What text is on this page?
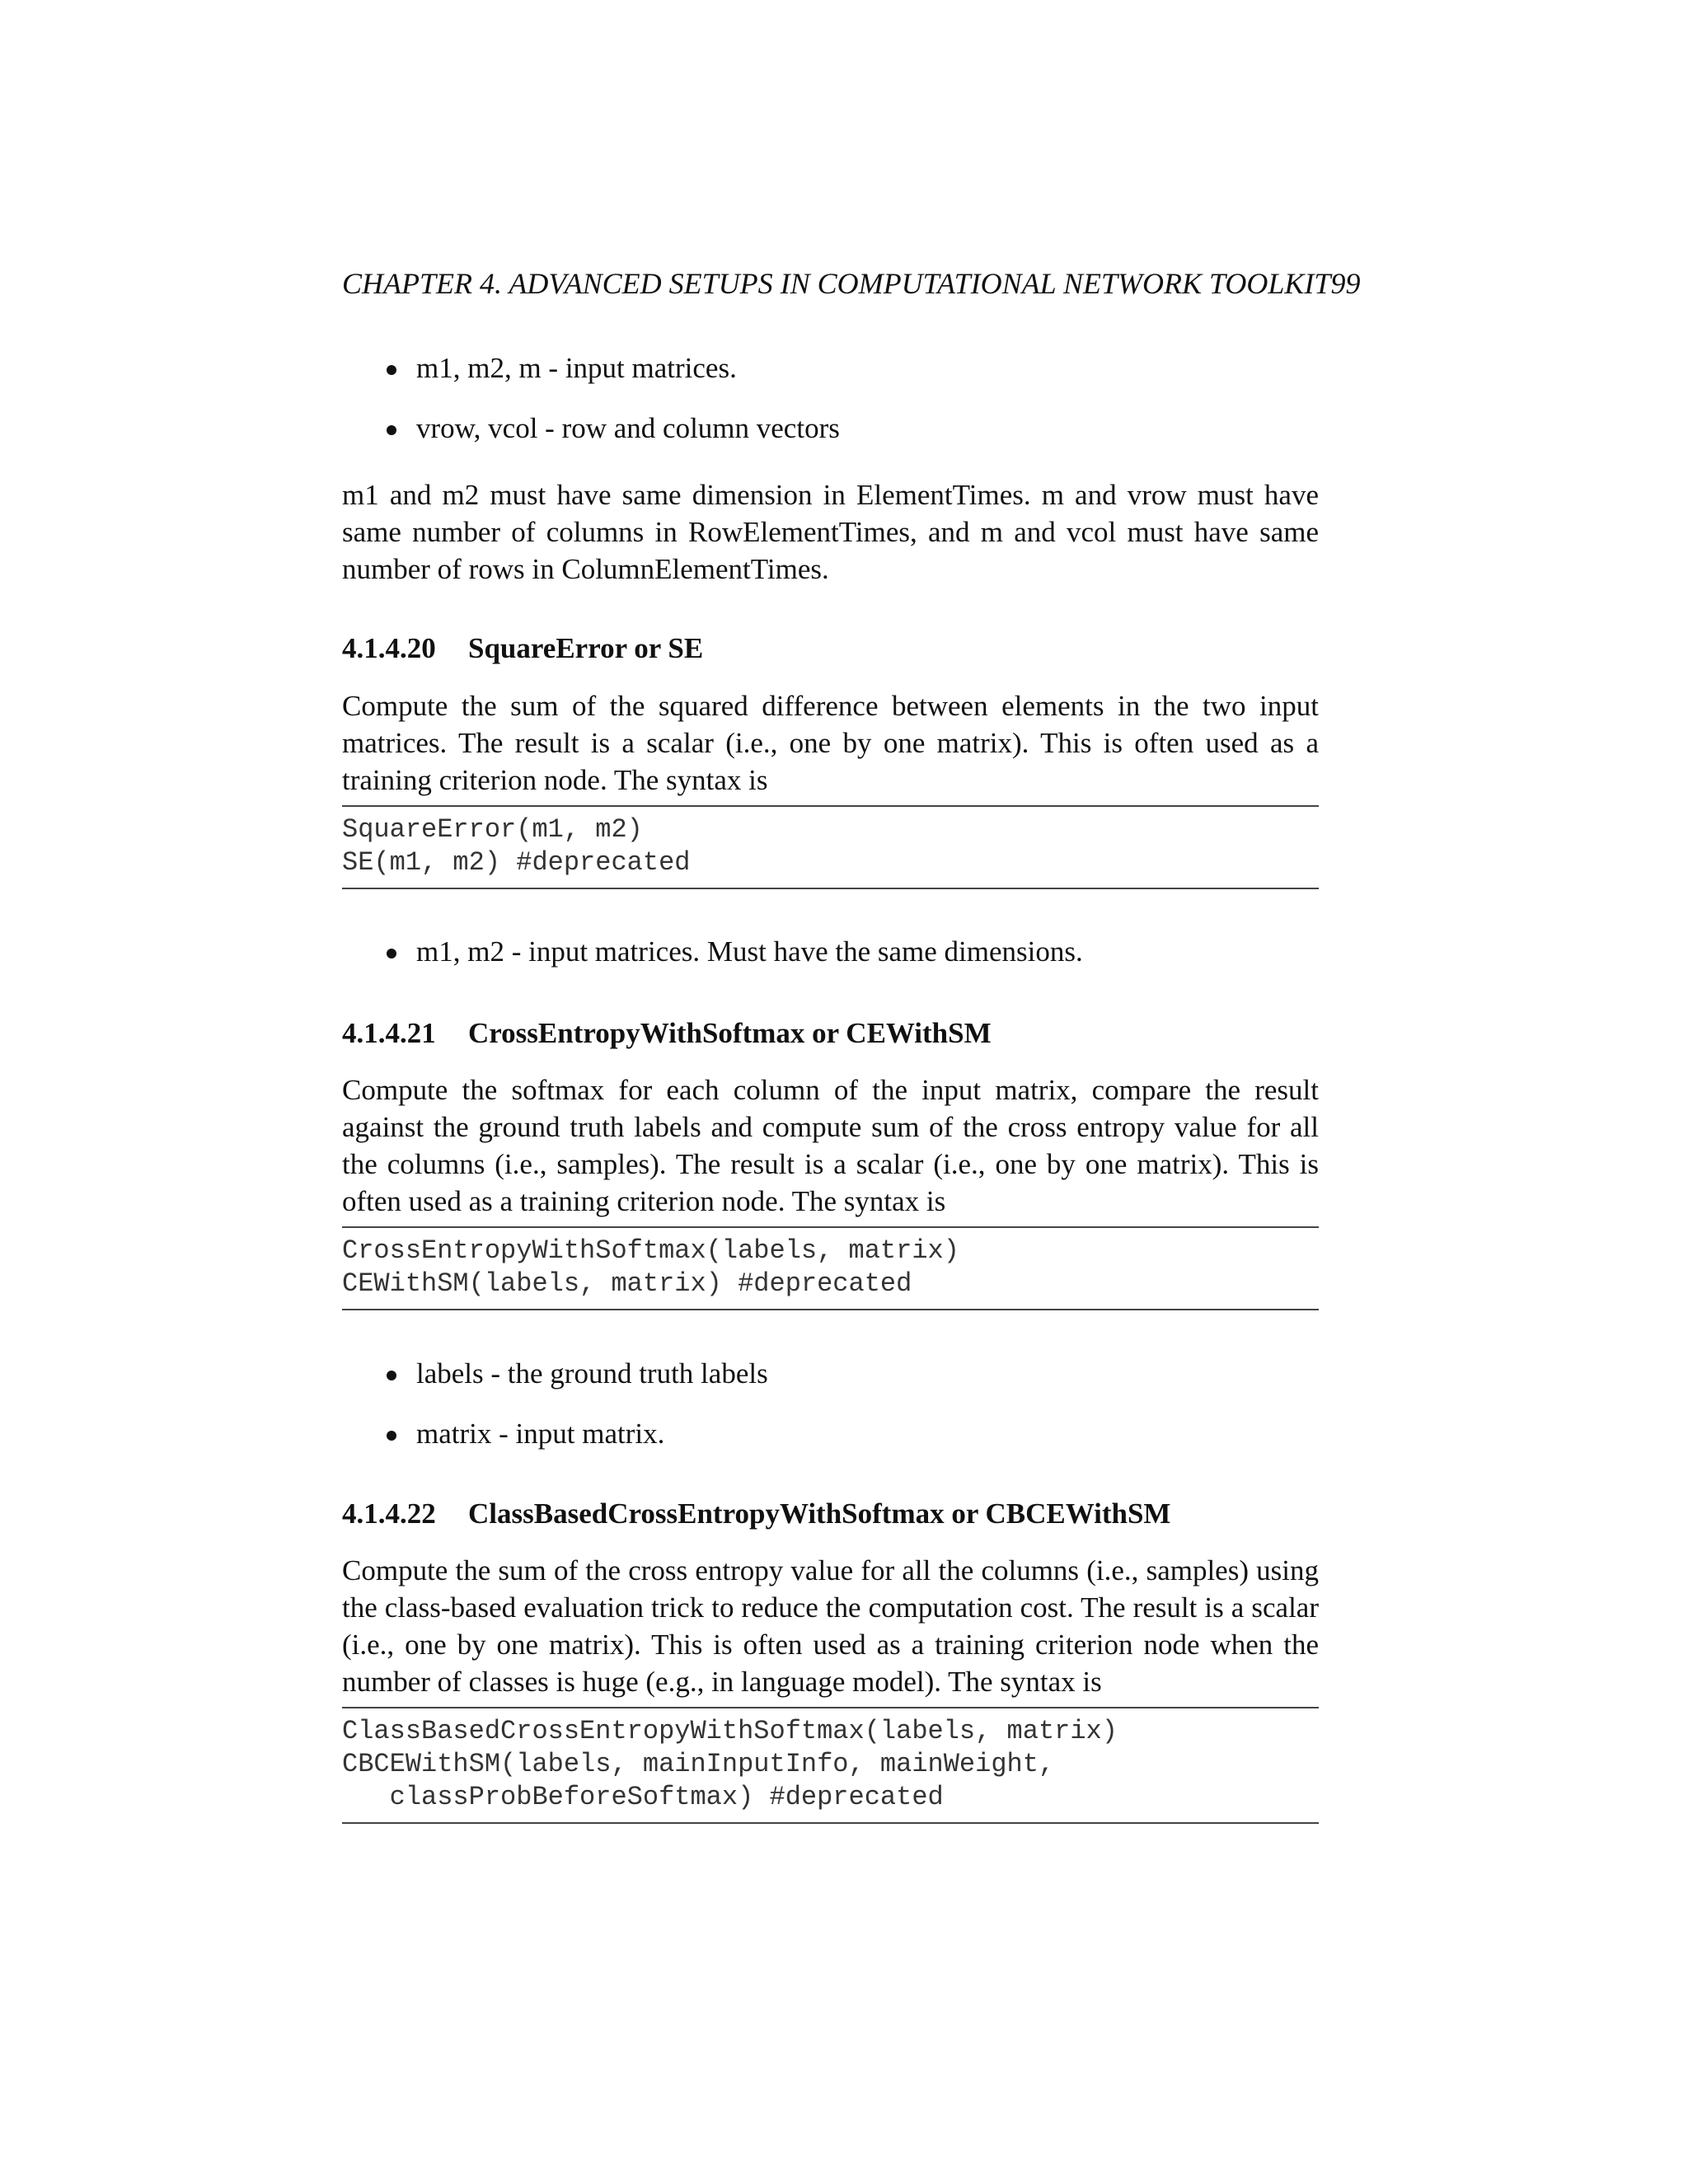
CHAPTER 4. ADVANCED SETUPS IN COMPUTATIONAL NETWORK TOOLKIT99
m1, m2, m - input matrices.
vrow, vcol - row and column vectors
m1 and m2 must have same dimension in ElementTimes. m and vrow must have same number of columns in RowElementTimes, and m and vcol must have same number of rows in ColumnElementTimes.
4.1.4.20 SquareError or SE
Compute the sum of the squared difference between elements in the two input matrices. The result is a scalar (i.e., one by one matrix). This is often used as a training criterion node. The syntax is
SquareError(m1, m2)
SE(m1, m2) #deprecated
m1, m2 - input matrices. Must have the same dimensions.
4.1.4.21 CrossEntropyWithSoftmax or CEWithSM
Compute the softmax for each column of the input matrix, compare the result against the ground truth labels and compute sum of the cross entropy value for all the columns (i.e., samples). The result is a scalar (i.e., one by one matrix). This is often used as a training criterion node. The syntax is
CrossEntropyWithSoftmax(labels, matrix)
CEWithSM(labels, matrix) #deprecated
labels - the ground truth labels
matrix - input matrix.
4.1.4.22 ClassBasedCrossEntropyWithSoftmax or CBCEWithSM
Compute the sum of the cross entropy value for all the columns (i.e., samples) using the class-based evaluation trick to reduce the computation cost. The result is a scalar (i.e., one by one matrix). This is often used as a training criterion node when the number of classes is huge (e.g., in language model). The syntax is
ClassBasedCrossEntropyWithSoftmax(labels, matrix)
CBCEWithSM(labels, mainInputInfo, mainWeight,
classProbBeforeSoftmax) #deprecated
